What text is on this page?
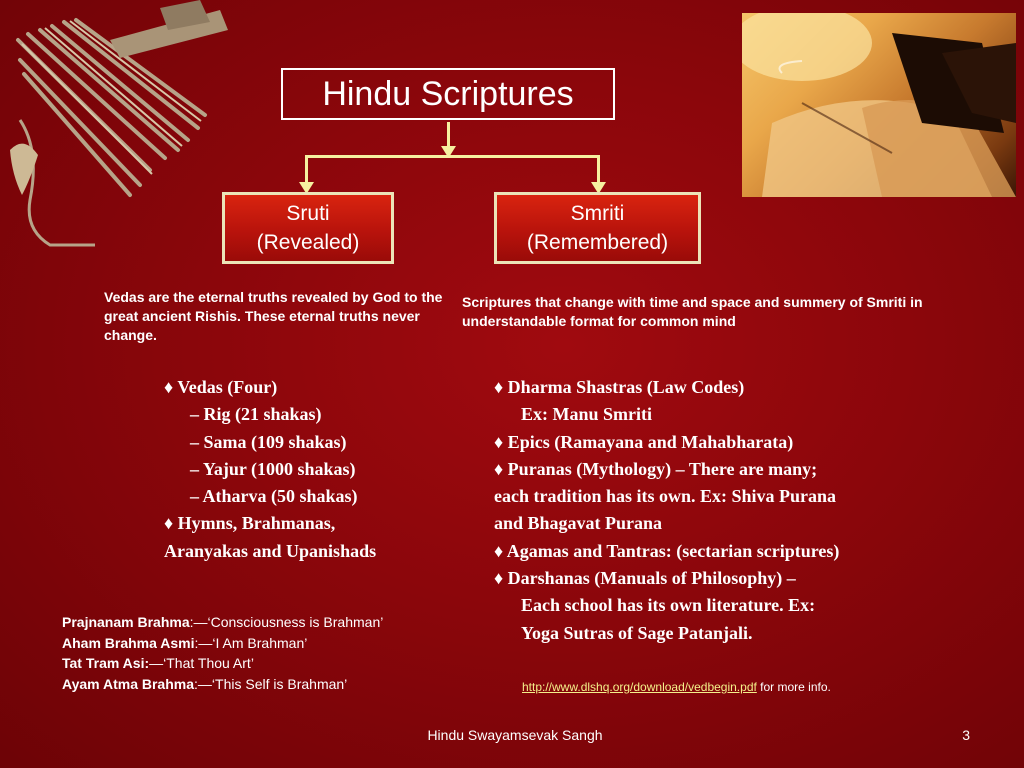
Hindu Scriptures
Sruti
(Revealed)
Smriti
(Remembered)
Vedas are the eternal truths revealed by God to the great ancient Rishis. These eternal truths never change.
Scriptures that change with time and space and summery of Smriti in understandable format for common mind
♦ Vedas (Four)
– Rig (21 shakas)
– Sama (109 shakas)
– Yajur (1000 shakas)
– Atharva (50 shakas)
♦ Hymns, Brahmanas,
Aranyakas and Upanishads
♦ Dharma Shastras (Law Codes)
Ex: Manu Smriti
♦ Epics (Ramayana and Mahabharata)
♦ Puranas (Mythology) – There are many;
each tradition has its own. Ex: Shiva Purana
and Bhagavat Purana
♦ Agamas and Tantras: (sectarian scriptures)
♦ Darshanas (Manuals of Philosophy) –
Each school has its own literature. Ex:
Yoga Sutras of Sage Patanjali.
Prajnanam Brahma:—‘Consciousness is Brahman’
Aham Brahma Asmi:—‘I Am Brahman’
Tat Tram Asi:—‘That Thou Art’
Ayam Atma Brahma:—‘This Self is Brahman’	http://www.dlshq.org/download/vedbegin.pdf for more info.
Hindu Swayamsevak Sangh	3
